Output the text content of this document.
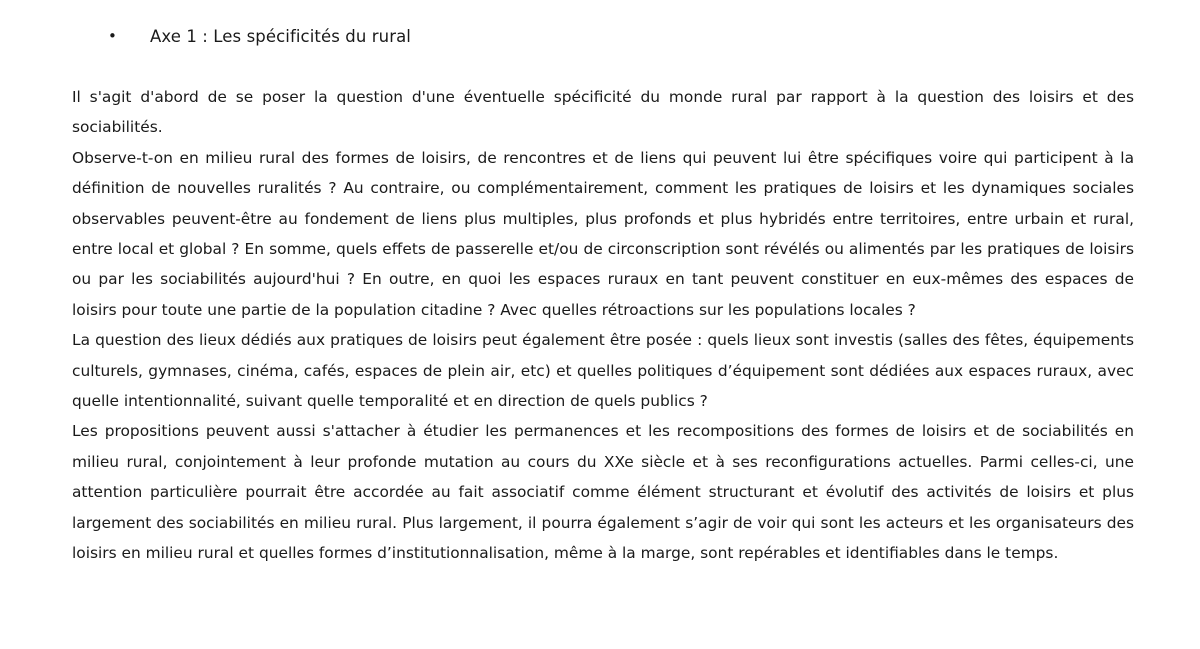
•	Axe 1 : Les spécificités du rural

Il s'agit d'abord de se poser la question d'une éventuelle spécificité du monde rural par rapport à la question des loisirs et des sociabilités.

Observe-t-on en milieu rural des formes de loisirs, de rencontres et de liens qui peuvent lui être spécifiques voire qui participent à la définition de nouvelles ruralités ? Au contraire, ou complémentairement, comment les pratiques de loisirs et les dynamiques sociales observables peuvent-être au fondement de liens plus multiples, plus profonds et plus hybridés entre territoires, entre urbain et rural, entre local et global ? En somme, quels effets de passerelle et/ou de circonscription sont révélés ou alimentés par les pratiques de loisirs ou par les sociabilités aujourd'hui ? En outre, en quoi les espaces ruraux en tant peuvent constituer en eux-mêmes des espaces de loisirs pour toute une partie de la population citadine ? Avec quelles rétroactions sur les populations locales ?

La question des lieux dédiés aux pratiques de loisirs peut également être posée : quels lieux sont investis (salles des fêtes, équipements culturels, gymnases, cinéma, cafés, espaces de plein air, etc) et quelles politiques d’équipement sont dédiées aux espaces ruraux, avec quelle intentionnalité, suivant quelle temporalité et en direction de quels publics ?

Les propositions peuvent aussi s'attacher à étudier les permanences et les recompositions des formes de loisirs et de sociabilités en milieu rural, conjointement à leur profonde mutation au cours du XXe siècle et à ses reconfigurations actuelles. Parmi celles-ci, une attention particulière pourrait être accordée au fait associatif comme élément structurant et évolutif des activités de loisirs et plus largement des sociabilités en milieu rural. Plus largement, il pourra également s’agir de voir qui sont les acteurs et les organisateurs des loisirs en milieu rural et quelles formes d’institutionnalisation, même à la marge, sont repérables et identifiables dans le temps.
